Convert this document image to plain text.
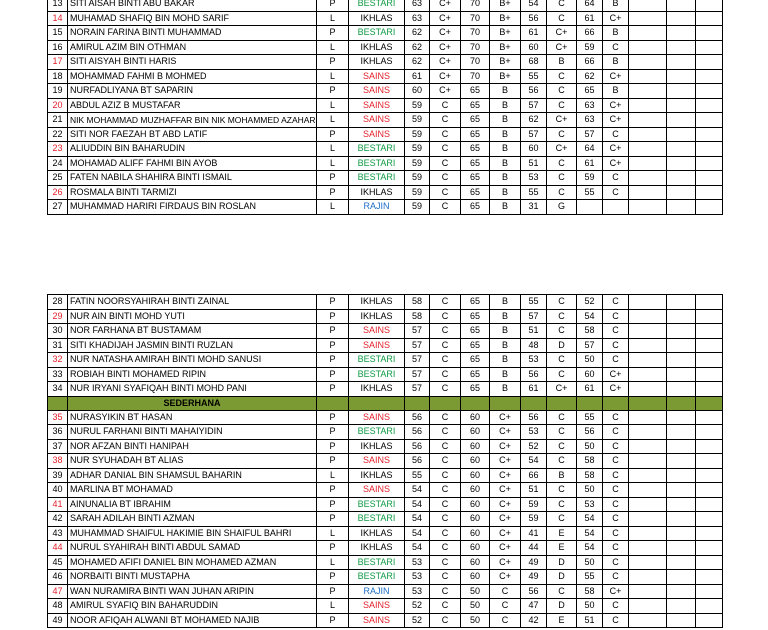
13	SITI AISAH BINTI ABU BAKAR	P	BESTARI	63	C+	70	B+	54	C	64	B			
14	MUHAMAD SHAFIQ BIN MOHD SARIF	L	IKHLAS	63	C+	70	B+	56	C	61	C+			
15	NORAIN FARINA BINTI MUHAMMAD	P	BESTARI	62	C+	70	B+	61	C+	66	B			
16	AMIRUL AZIM BIN OTHMAN	L	IKHLAS	62	C+	70	B+	60	C+	59	C			
17	SITI AISYAH BINTI HARIS	P	IKHLAS	62	C+	70	B+	68	B	66	B			
18	MOHAMMAD FAHMI B MOHMED	L	SAINS	61	C+	70	B+	55	C	62	C+			
19	NURFADLIYANA BT SAPARIN	P	SAINS	60	C+	65	B	56	C	65	B			
20	ABDUL AZIZ B MUSTAFAR	L	SAINS	59	C	65	B	57	C	63	C+			
21	NIK MOHAMMAD MUZHAFFAR BIN NIK MOHAMMED AZAHAR	L	SAINS	59	C	65	B	62	C+	63	C+			
22	SITI NOR FAEZAH BT ABD LATIF	P	SAINS	59	C	65	B	57	C	57	C			
23	ALIUDDIN BIN BAHARUDIN	L	BESTARI	59	C	65	B	60	C+	64	C+			
24	MOHAMAD ALIFF FAHMI BIN AYOB	L	BESTARI	59	C	65	B	51	C	61	C+			
25	FATEN NABILA SHAHIRA BINTI ISMAIL	P	BESTARI	59	C	65	B	53	C	59	C			
26	ROSMALA BINTI TARMIZI	P	IKHLAS	59	C	65	B	55	C	55	C			
27	MUHAMMAD HARIRI FIRDAUS BIN ROSLAN	L	RAJIN	59	C	65	B	31	G					
28	FATIN NOORSYAHIRAH BINTI ZAINAL	P	IKHLAS	58	C	65	B	55	C	52	C			
29	NUR AIN BINTI MOHD YUTI	P	IKHLAS	58	C	65	B	57	C	54	C			
30	NOR FARHANA BT BUSTAMAM	P	SAINS	57	C	65	B	51	C	58	C			
31	SITI KHADIJAH JASMIN BINTI RUZLAN	P	SAINS	57	C	65	B	48	D	57	C			
32	NUR NATASHA AMIRAH BINTI MOHD SANUSI	P	BESTARI	57	C	65	B	53	C	50	C			
33	ROBIAH BINTI MOHAMED RIPIN	P	BESTARI	57	C	65	B	56	C	60	C+			
34	NUR IRYANI SYAFIQAH BINTI MOHD PANI	P	IKHLAS	57	C	65	B	61	C+	61	C+			
	SEDERHANA													
35	NURASYIKIN BT HASAN	P	SAINS	56	C	60	C+	56	C	55	C			
36	NURUL FARHANI BINTI MAHAIYIDIN	P	BESTARI	56	C	60	C+	53	C	56	C			
37	NOR AFZAN BINTI HANIPAH	P	IKHLAS	56	C	60	C+	52	C	50	C			
38	NUR SYUHADAH BT ALIAS	P	SAINS	56	C	60	C+	54	C	58	C			
39	ADHAR DANIAL BIN SHAMSUL BAHARIN	L	IKHLAS	55	C	60	C+	66	B	58	C			
40	MARLINA BT MOHAMAD	P	SAINS	54	C	60	C+	51	C	50	C			
41	AINUNALIA BT IBRAHIM	P	BESTARI	54	C	60	C+	59	C	53	C			
42	SARAH ADILAH BINTI AZMAN	P	BESTARI	54	C	60	C+	59	C	54	C			
43	MUHAMMAD SHAIFUL HAKIMIE BIN SHAIFUL BAHRI	L	IKHLAS	54	C	60	C+	41	E	54	C			
44	NURUL SYAHIRAH BINTI ABDUL SAMAD	P	IKHLAS	54	C	60	C+	44	E	54	C			
45	MOHAMED AFIFI DANIEL BIN MOHAMED AZMAN	L	BESTARI	53	C	60	C+	49	D	50	C			
46	NORBAITI BINTI MUSTAPHA	P	BESTARI	53	C	60	C+	49	D	55	C			
47	WAN NURAMIRA BINTI WAN JUHAN ARIPIN	P	RAJIN	53	C	50	C	56	C	58	C+			
48	AMIRUL SYAFIQ BIN BAHARUDDIN	L	SAINS	52	C	50	C	47	D	50	C			
49	NOOR AFIQAH ALWANI BT MOHAMED NAJIB	P	SAINS	52	C	50	C	42	E	51	C			
